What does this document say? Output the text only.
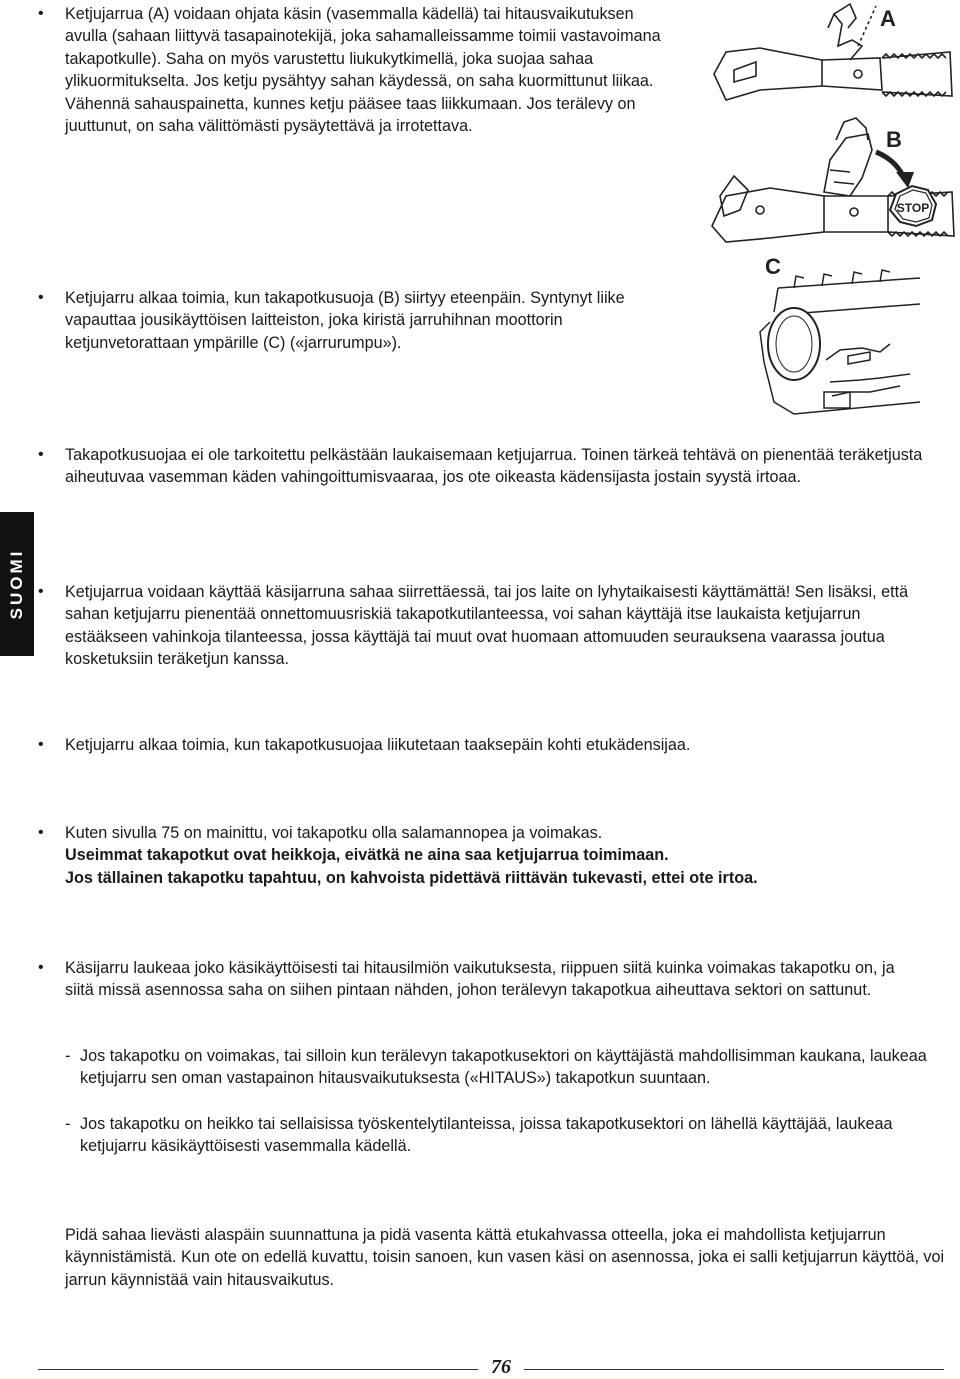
SUOMI
• Ketjujarrua (A) voidaan ohjata käsin (vasemmalla kädellä) tai hitausvaikutuksen avulla (sahaan liittyvä tasapainotekijä, joka sahamalleissamme toimii vastavoimana takapotkulle). Saha on myös varustettu liukukytkimellä, joka suojaa sahaa ylikuormitukselta. Jos ketju pysähtyy sahan käydessä, on saha kuormittunut liikaa. Vähennä sahauspainetta, kunnes ketju pääsee taas liikkumaan. Jos terälevy on juuttunut, on saha välittömästi pysäytettävä ja irrotettava.

STOP
A
B
• Ketjujarru alkaa toimia, kun takapotkusuoja (B) siirtyy eteenpäin. Syntynyt liike vapauttaa jousikäyttöisen laitteiston, joka kiristä jarruhihnan moottorin ketjunvetorattaan ympärille (C) («jarrurumpu»).

C
• Takapotkusuojaa ei ole tarkoitettu pelkästään laukaisemaan ketjujarrua. Toinen tärkeä tehtävä on pienentää teräketjusta aiheutuvaa vasemman käden vahingoittumisvaaraa, jos ote oikeasta kädensijasta jostain syystä irtoaa.

• Ketjujarrua voidaan käyttää käsijarruna sahaa siirrettäessä, tai jos laite on lyhytaikaisesti käyttämättä! Sen lisäksi, että sahan ketjujarru pienentää onnettomuusriskiä takapotkutilanteessa, voi sahan käyttäjä itse laukaista ketjujarrun estääkseen vahinkoja tilanteessa, jossa käyttäjä tai muut ovat huomaan attomuuden seurauksena vaarassa joutua kosketuksiin teräketjun kanssa.

• Ketjujarru alkaa toimia, kun takapotkusuojaa liikutetaan taaksepäin kohti etukädensijaa.

• Kuten sivulla 75 on mainittu, voi takapotku olla salamannopea ja voimakas.
Useimmat takapotkut ovat heikkoja, eivätkä ne aina saa ketjujarrua toimimaan.
Jos tällainen takapotku tapahtuu, on kahvoista pidettävä riittävän tukevasti, ettei ote irtoa.
• Käsijarru laukeaa joko käsikäyttöisesti tai hitausilmiön vaikutuksesta, riippuen siitä kuinka voimakas takapotku on, ja siitä missä asennossa saha on siihen pintaan nähden, johon terälevyn takapotkua aiheuttava sektori on sattunut.

- Jos takapotku on voimakas, tai silloin kun terälevyn takapotkusektori on käyttäjästä mahdollisimman kaukana, laukeaa ketjujarru sen oman vastapainon hitausvaikutuksesta («HITAUS») takapotkun suuntaan.

- Jos takapotku on heikko tai sellaisissa työskentelytilanteissa, joissa takapotkusektori on lähellä käyttäjää, laukeaa ketjujarru käsikäyttöisesti vasemmalla kädellä.

Pidä sahaa lievästi alaspäin suunnattuna ja pidä vasenta kättä etukahvassa otteella, joka ei mahdollista ketjujarrun käynnistämistä. Kun ote on edellä kuvattu, toisin sanoen, kun vasen käsi on asennossa, joka ei salli ketjujarrun käyttöä, voi jarrun käynnistää vain hitausvaikutus.

76
